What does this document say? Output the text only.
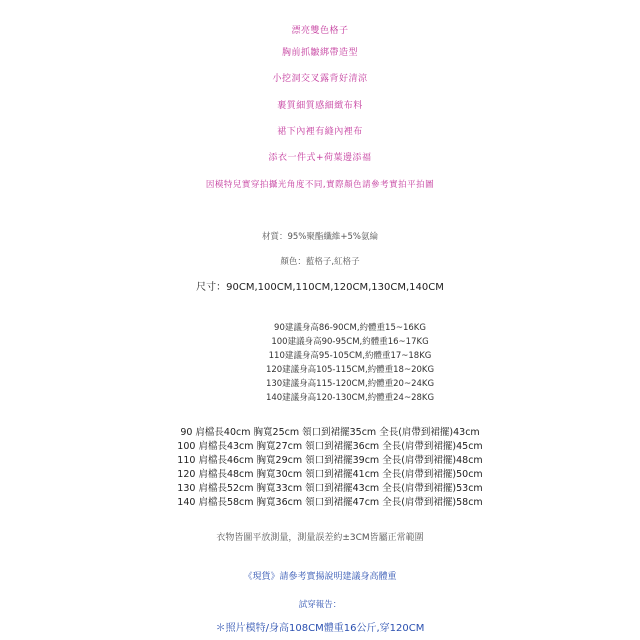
漂亮雙色格子
胸前抓皺綁帶造型
小挖洞交叉露背好清涼
裹質細質感細緻布料
裙下內裡有縫內裡布
添衣一件式+荷葉邊添福
因模特兒實穿拍攝光角度不同,實際顏色請參考實拍平拍圖
材質：95%聚酯纖維+5%氨綸
顏色：藍格子,紅格子
尺寸：90CM,100CM,110CM,120CM,130CM,140CM
90建議身高86-90CM,約體重15~16KG
100建議身高90-95CM,約體重16~17KG
110建議身高95-105CM,約體重17~18KG
120建議身高105-115CM,約體重18~20KG
130建議身高115-120CM,約體重20~24KG
140建議身高120-130CM,約體重24~28KG
90 肩檔長40cm 胸寬25cm 領口到裙擺35cm 全長(肩帶到裙擺)43cm
100 肩檔長43cm 胸寬27cm 領口到裙擺36cm 全長(肩帶到裙擺)45cm
110 肩檔長46cm 胸寬29cm 領口到裙擺39cm 全長(肩帶到裙擺)48cm
120 肩檔長48cm 胸寬30cm 領口到裙擺41cm 全長(肩帶到裙擺)50cm
130 肩檔長52cm 胸寬33cm 領口到裙擺43cm 全長(肩帶到裙擺)53cm
140 肩檔長58cm 胸寬36cm 領口到裙擺47cm 全長(肩帶到裙擺)58cm
衣物皆圖平放測量，測量誤差約±3CM皆屬正常範圍
《現貨》請參考實揚說明建議身高體重
試穿報告：
＊照片模特/身高108CM體重16公斤,穿120CM
